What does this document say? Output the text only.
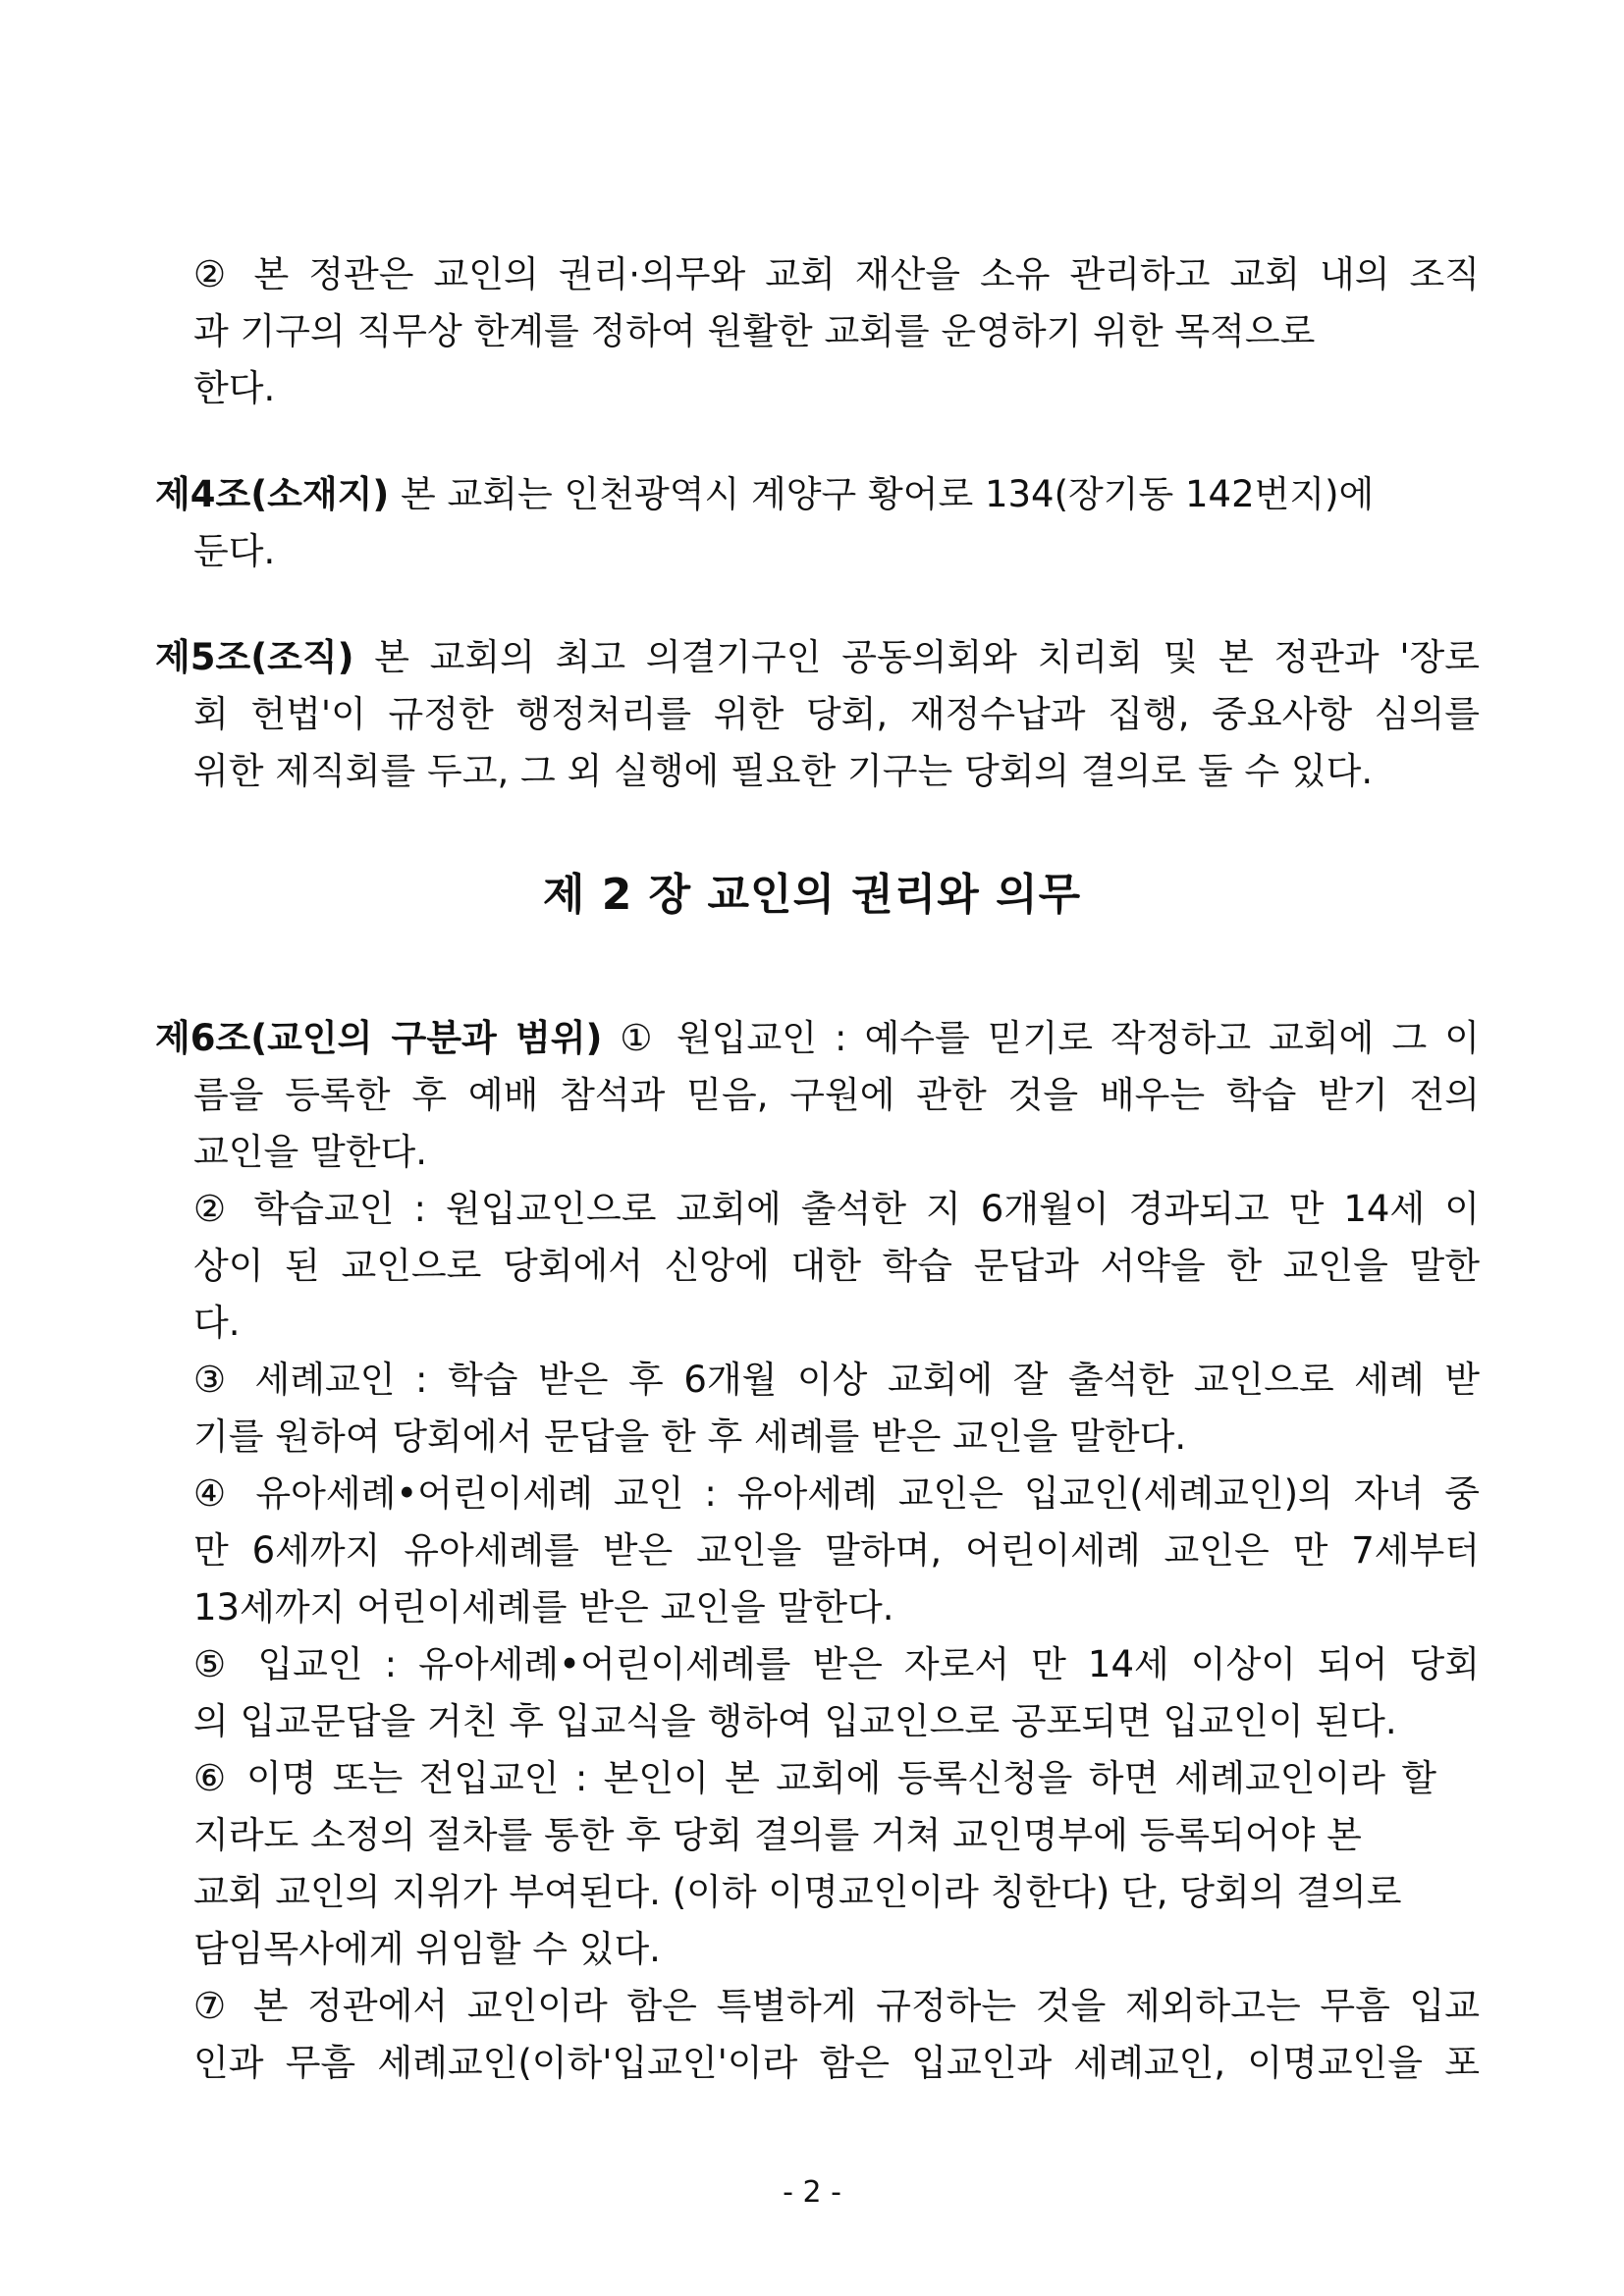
② 본 정관은 교인의 권리·의무와 교회 재산을 소유 관리하고 교회 내의 조직
과 기구의 직무상 한계를 정하여 원활한 교회를 운영하기 위한 목적으로
한다.
제4조(소재지) 본 교회는 인천광역시 계양구 황어로 134(장기동 142번지)에
둔다.
제5조(조직) 본 교회의 최고 의결기구인 공동의회와 치리회 및 본 정관과 '장로
회 헌법'이 규정한 행정처리를 위한 당회, 재정수납과 집행, 중요사항 심의를
위한 제직회를 두고, 그 외 실행에 필요한 기구는 당회의 결의로 둘 수 있다.
제 2 장 교인의 권리와 의무
제6조(교인의 구분과 범위) ① 원입교인 : 예수를 믿기로 작정하고 교회에 그 이
름을 등록한 후 예배 참석과 믿음, 구원에 관한 것을 배우는 학습 받기 전의
교인을 말한다.
② 학습교인 : 원입교인으로 교회에 출석한 지 6개월이 경과되고 만 14세 이
상이 된 교인으로 당회에서 신앙에 대한 학습 문답과 서약을 한 교인을 말한
다.
③ 세례교인 : 학습 받은 후 6개월 이상 교회에 잘 출석한 교인으로 세례 받
기를 원하여 당회에서 문답을 한 후 세례를 받은 교인을 말한다.
④ 유아세례•어린이세례 교인 : 유아세례 교인은 입교인(세례교인)의 자녀 중
만 6세까지 유아세례를 받은 교인을 말하며, 어린이세례 교인은 만 7세부터
13세까지 어린이세례를 받은 교인을 말한다.
⑤ 입교인 : 유아세례•어린이세례를 받은 자로서 만 14세 이상이 되어 당회
의 입교문답을 거친 후 입교식을 행하여 입교인으로 공포되면 입교인이 된다.
⑥ 이명 또는 전입교인 : 본인이 본 교회에 등록신청을 하면 세례교인이라 할
지라도 소정의 절차를 통한 후 당회 결의를 거쳐 교인명부에 등록되어야 본
교회 교인의 지위가 부여된다. (이하 이명교인이라 칭한다) 단, 당회의 결의로
담임목사에게 위임할 수 있다.
⑦ 본 정관에서 교인이라 함은 특별하게 규정하는 것을 제외하고는 무흠 입교
인과 무흠 세례교인(이하'입교인'이라 함은 입교인과 세례교인, 이명교인을 포
- 2 -
